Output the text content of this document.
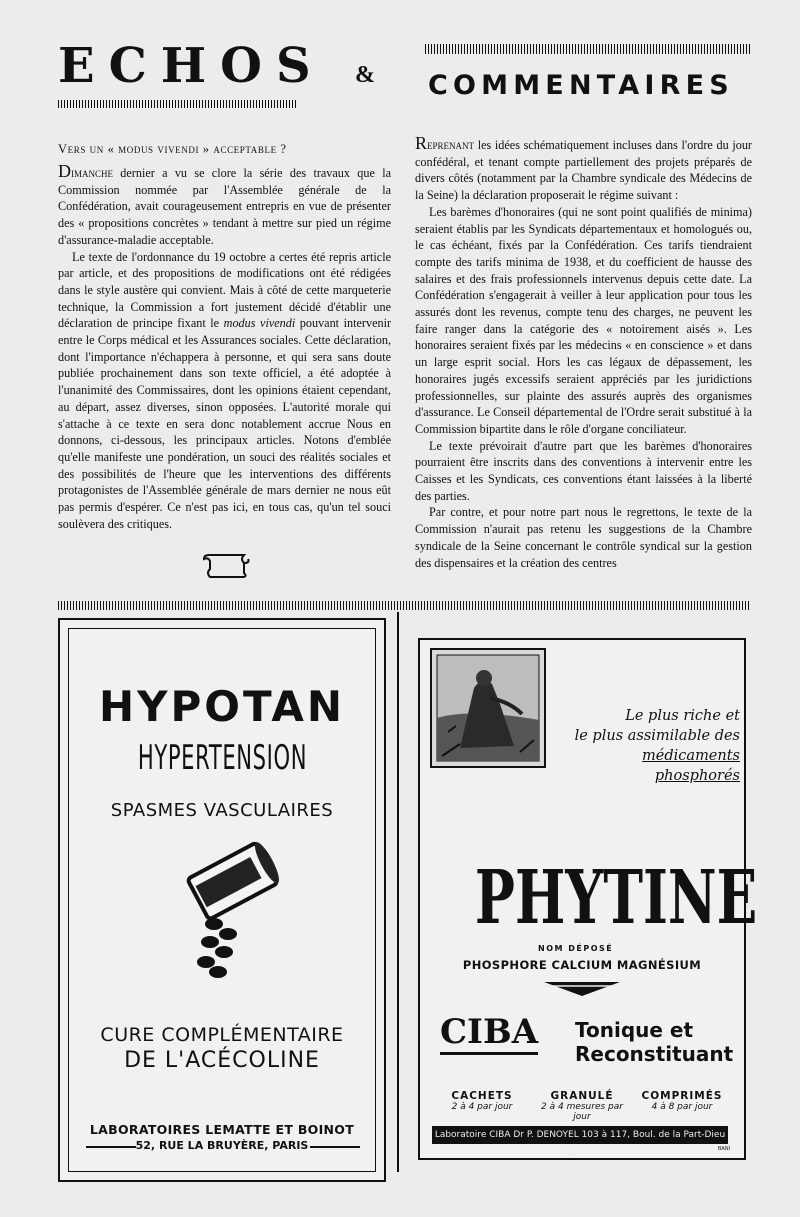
ECHOS & COMMENTAIRES
Vers un « modus vivendi » acceptable ?

Dimanche dernier a vu se clore la série des travaux que la Commission nommée par l'Assemblée générale de la Confédération, avait courageusement entrepris en vue de présenter des « propositions concrètes » tendant à mettre sur pied un régime d'assurance-maladie acceptable.

Le texte de l'ordonnance du 19 octobre a certes été repris article par article, et des propositions de modifications ont été rédigées dans le style austère qui convient. Mais à côté de cette marqueterie technique, la Commission a fort justement décidé d'établir une déclaration de principe fixant le modus vivendi pouvant intervenir entre le Corps médical et les Assurances sociales. Cette déclaration, dont l'importance n'échappera à personne, et qui sera sans doute publiée prochainement dans son texte officiel, a été adoptée à l'unanimité des Commissaires, dont les opinions étaient cependant, au départ, assez diverses, sinon opposées. L'autorité morale qui s'attache à ce texte en sera donc notablement accrue Nous en donnons, ci-dessous, les principaux articles. Notons d'emblée qu'elle manifeste une pondération, un souci des réalités sociales et des possibilités de l'heure que les interventions des différents protagonistes de l'Assemblée générale de mars dernier ne nous eût pas permis d'espérer. Ce n'est pas ici, en tous cas, qu'un tel souci soulèvera des critiques.

Reprenant les idées schématiquement incluses dans l'ordre du jour confédéral, et tenant compte partiellement des projets préparés de divers côtés (notamment par la Chambre syndicale des Médecins de la Seine) la déclaration proposerait le régime suivant :

Les barèmes d'honoraires (qui ne sont point qualifiés de minima) seraient établis par les Syndicats départementaux et homologués ou, le cas échéant, fixés par la Confédération. Ces tarifs tiendraient compte des tarifs minima de 1938, et du coefficient de hausse des salaires et des frais professionnels intervenus depuis cette date. La Confédération s'engagerait à veiller à leur application pour tous les assurés dont les revenus, compte tenu des charges, ne peuvent les faire ranger dans la catégorie des « notoirement aisés ». Les honoraires seraient fixés par les médecins « en conscience » et dans un large esprit social. Hors les cas légaux de dépassement, les honoraires jugés excessifs seraient appréciés par les juridictions professionnelles, sur plainte des assurés auprès des organismes d'assurance. Le Conseil départemental de l'Ordre serait substitué à la Commission bipartite dans le rôle d'organe conciliateur.

Le texte prévoirait d'autre part que les barèmes d'honoraires pourraient être inscrits dans des conventions à intervenir entre les Caisses et les Syndicats, ces conventions étant laissées à la liberté des parties.

Par contre, et pour notre part nous le regrettons, le texte de la Commission n'aurait pas retenu les suggestions de la Chambre syndicale de la Seine concernant le contrôle syndical sur la gestion des dispensaires et la création des centres

HYPOTAN
HYPERTENSION
SPASMES VASCULAIRES
CURE COMPLÉMENTAIRE
DE L'ACÉCOLINE
LABORATOIRES LEMATTE ET BOINOT
52, RUE LA BRUYÈRE, PARIS
Le plus riche et
le plus assimilable des
médicaments phosphorés
PHYTINE
NOM DÉPOSÉ
PHOSPHORE CALCIUM MAGNÉSIUM
CIBA Tonique et
Reconstituant
CACHETS
2 à 4 par jour
GRANULÉ
2 à 4 mesures par jour
COMPRIMÉS
4 à 8 par jour
Laboratoire CIBA Dr P. DENOYEL 103 à 117, Boul. de la Part-Dieu LYON	BANI
